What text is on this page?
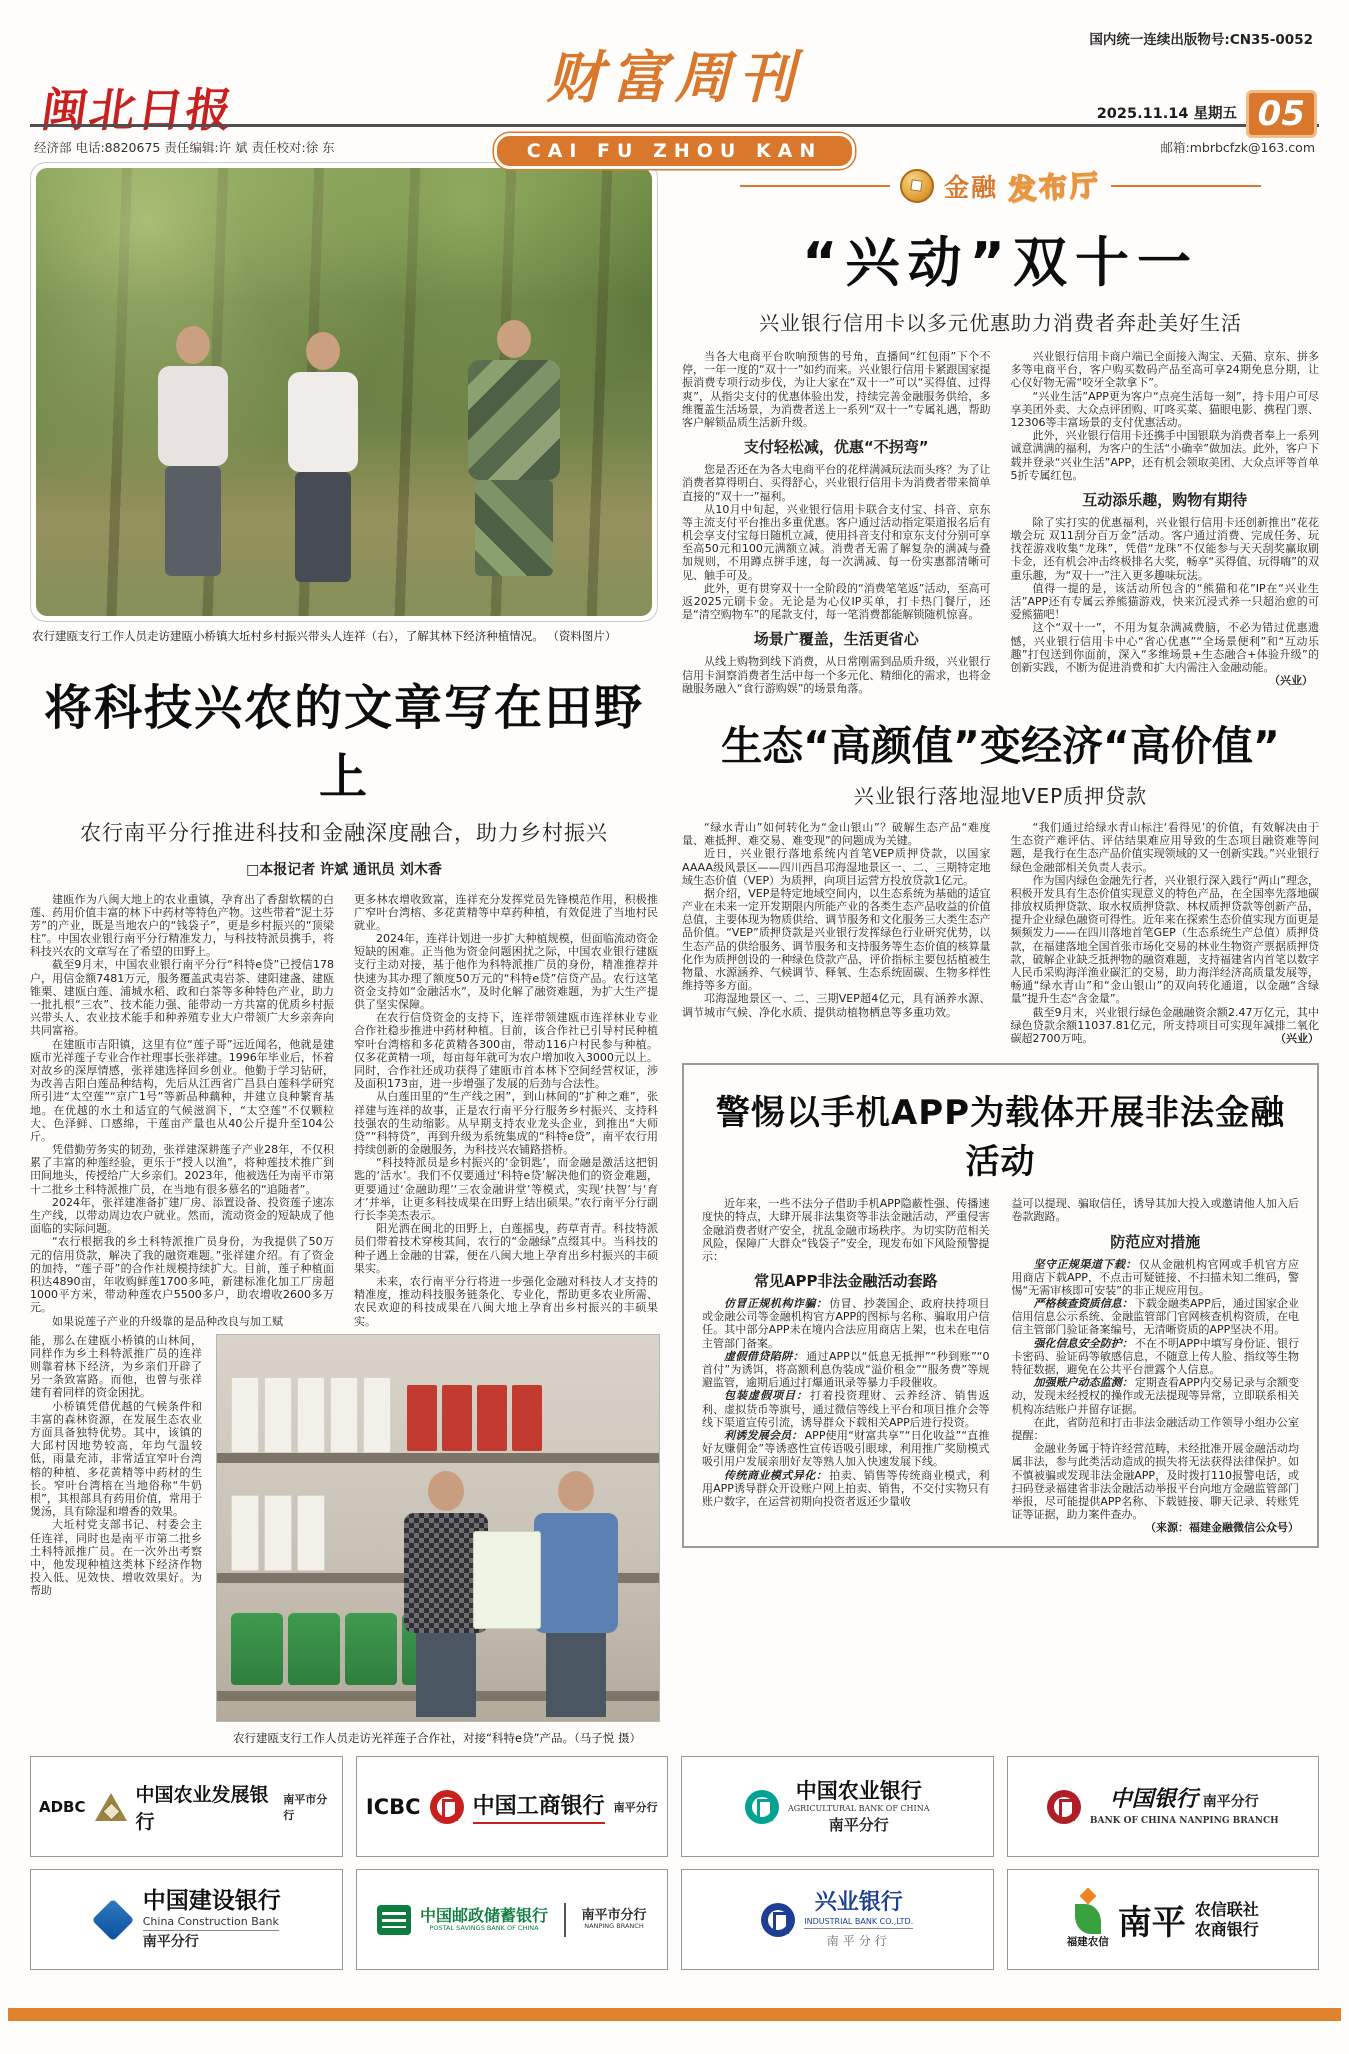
国内统一连续出版物号:CN35-0052
闽北日报	财富周刊

CAI FU ZHOU KAN
2025.11.14 星期五 05
经济部 电话:8820675 责任编辑:许 斌 责任校对:徐 东	邮箱:mbrbcfzk@163.com
农行建瓯支行工作人员走访建瓯小桥镇大坵村乡村振兴带头人连祥（右），了解其林下经济种植情况。 （资料图片）
将科技兴农的文章写在田野上
农行南平分行推进科技和金融深度融合，助力乡村振兴
□本报记者 许斌 通讯员 刘木香
建瓯作为八闽大地上的农业重镇，孕育出了香甜软糯的白莲、药用价值丰富的林下中药材等特色产物。这些带着“泥土芬芳”的产业，既是当地农户的“钱袋子”，更是乡村振兴的“顶梁柱”。中国农业银行南平分行精准发力，与科技特派员携手，将科技兴农的文章写在了希望的田野上。
截至9月末，中国农业银行南平分行“科特e贷”已授信178户，用信金额7481万元，服务覆盖武夷岩茶、建阳建盏、建瓯锥栗、建瓯白莲、浦城水稻、政和白茶等多种特色产业，助力一批扎根“三农”、技术能力强、能带动一方共富的优质乡村振兴带头人、农业技术能手和种养殖专业大户带领广大乡亲奔向共同富裕。
在建瓯市吉阳镇，这里有位“莲子哥”远近闻名，他就是建瓯市光祥莲子专业合作社理事长张祥建。1996年毕业后，怀着对故乡的深厚情感，张祥建选择回乡创业。他勤于学习钻研，为改善吉阳白莲品种结构，先后从江西省广昌县白莲科学研究所引进“太空莲”“京广1号”等新品种藕种，并建立良种繁育基地。在优越的水土和适宜的气候滋润下，“太空莲”不仅颗粒大、色泽鲜、口感绵，干莲亩产量也从40公斤提升至104公斤。
凭借勤劳务实的韧劲，张祥建深耕莲子产业28年，不仅积累了丰富的种莲经验，更乐于“授人以渔”，将种莲技术推广到田间地头，传授给广大乡亲们。2023年，他被选任为南平市第十二批乡土科特派推广员，在当地有很多慕名的“追随者”。
2024年，张祥建准备扩建厂房、添置设备、投资莲子速冻生产线，以带动周边农户就业。然而，流动资金的短缺成了他面临的实际问题。
“农行根据我的乡土科特派推广员身份，为我提供了50万元的信用贷款，解决了我的融资难题。”张祥建介绍。有了资金的加持，“莲子哥”的合作社规模持续扩大。目前，莲子种植面积达4890亩，年收购鲜莲1700多吨，新建标准化加工厂房超1000平方米，带动种莲农户5500多户，助农增收2600多万元。
如果说莲子产业的升级靠的是品种改良与加工赋
更多林农增收致富，连祥充分发挥党员先锋模范作用，积极推广窄叶台湾榕、多花黄精等中草药种植，有效促进了当地村民就业。
2024年，连祥计划进一步扩大种植规模，但面临流动资金短缺的困难。正当他为资金问题困扰之际，中国农业银行建瓯支行主动对接，基于他作为科特派推广员的身份，精准推荐并快速为其办理了额度50万元的“科特e贷”信贷产品。农行这笔资金支持如“金融活水”，及时化解了融资难题，为扩大生产提供了坚实保障。
在农行信贷资金的支持下，连祥带领建瓯市连祥林业专业合作社稳步推进中药材种植。目前，该合作社已引导村民种植窄叶台湾榕和多花黄精各300亩，带动116户村民参与种植。仅多花黄精一项，每亩每年就可为农户增加收入3000元以上。同时，合作社还成功获得了建瓯市首本林下空间经营权证，涉及面积173亩，进一步增强了发展的后劲与合法性。
从白莲田里的“生产线之困”，到山林间的“扩种之难”，张祥建与连祥的故事，正是农行南平分行服务乡村振兴、支持科技强农的生动缩影。从早期支持农业龙头企业，到推出“大师贷”“科特贷”，再到升级为系统集成的“科特e贷”，南平农行用持续创新的金融服务，为科技兴农铺路搭桥。
“科技特派员是乡村振兴的‘金钥匙’，而金融是激活这把钥匙的‘活水’。我们不仅要通过‘科特e贷’解决他们的资金难题，更要通过‘金融助理’‘三农金融讲堂’等模式，实现‘扶智’与‘育才’并举，让更多科技成果在田野上结出硕果。”农行南平分行副行长李美杰表示。
阳光洒在闽北的田野上，白莲摇曳，药草青青。科技特派员们带着技术穿梭其间，农行的“金融绿”点缀其中。当科技的种子遇上金融的甘霖，便在八闽大地上孕育出乡村振兴的丰硕果实。
未来，农行南平分行将进一步强化金融对科技人才支持的精准度，推动科技服务链条化、专业化，帮助更多农业所需、农民欢迎的科技成果在八闽大地上孕育出乡村振兴的丰硕果实。
能，那么在建瓯小桥镇的山林间，同样作为乡土科特派推广员的连祥则靠着林下经济，为乡亲们开辟了另一条致富路。而他，也曾与张祥建有着同样的资金困扰。
小桥镇凭借优越的气候条件和丰富的森林资源，在发展生态农业方面具备独特优势。其中，该镇的大邱村因地势较高，年均气温较低，雨量充沛，非常适宜窄叶台湾榕的种植、多花黄精等中药材的生长。窄叶台湾榕在当地俗称“牛奶根”，其根部具有药用价值，常用于煲汤，具有除湿和增香的效果。
大坵村党支部书记、村委会主任连祥，同时也是南平市第二批乡土科特派推广员。在一次外出考察中，他发现种植这类林下经济作物投入低、见效快、增收效果好。为帮助
农行建瓯支行工作人员走访光祥莲子合作社，对接“科特e贷”产品。（马子悦 摄）
金融 发布厅
“兴动”双十一
兴业银行信用卡以多元优惠助力消费者奔赴美好生活
当各大电商平台吹响预售的号角，直播间“红包雨”下个不停，一年一度的“双十一”如约而来。兴业银行信用卡紧跟国家提振消费专项行动步伐，为让大家在“双十一”可以“买得值、过得爽”，从指尖支付的优惠体验出发，持续完善金融服务供给，多维覆盖生活场景，为消费者送上一系列“双十一”专属礼遇，帮助客户解锁品质生活新升级。
支付轻松减，优惠“不拐弯”
您是否还在为各大电商平台的花样满减玩法而头疼？为了让消费者算得明白、买得舒心，兴业银行信用卡为消费者带来简单直接的“双十一”福利。
从10月中旬起，兴业银行信用卡联合支付宝、抖音、京东等主流支付平台推出多重优惠。客户通过活动指定渠道报名后有机会享支付宝每日随机立减，使用抖音支付和京东支付分别可享至高50元和100元满额立减。消费者无需了解复杂的满减与叠加规则，不用蹲点拼手速，每一次满减、每一份实惠都清晰可见、触手可及。
此外，更有贯穿双十一全阶段的“消费笔笔返”活动，至高可返2025元刷卡金。无论是为心仪IP买单，打卡热门餐厅，还是“清空购物车”的尾款支付，每一笔消费都能解锁随机惊喜。
场景广覆盖，生活更省心
从线上购物到线下消费，从日常刚需到品质升级，兴业银行信用卡洞察消费者生活中每一个多元化、精细化的需求，也将金融服务融入“食行游购娱”的场景角落。
兴业银行信用卡商户端已全面接入淘宝、天猫、京东、拼多多等电商平台，客户购买数码产品至高可享24期免息分期，让心仪好物无需“咬牙全款拿下”。
“兴业生活”APP更为客户“点亮生活每一刻”，持卡用户可尽享美团外卖、大众点评团购、叮咚买菜、猫眼电影、携程门票、12306等丰富场景的支付优惠活动。
此外，兴业银行信用卡还携手中国银联为消费者奉上一系列诚意满满的福利，为客户的生活“小确幸”做加法。此外，客户下载并登录“兴业生活”APP，还有机会领取美团、大众点评等首单5折专属红包。
互动添乐趣，购物有期待
除了实打实的优惠福利，兴业银行信用卡还创新推出“花花墩会玩 双11刮分百万金”活动。客户通过消费、完成任务、玩找茬游戏收集“龙珠”，凭借“龙珠”不仅能参与天天刮奖赢取刷卡金，还有机会冲击终极排名大奖，畅享“买得值、玩得嗨”的双重乐趣，为“双十一”注入更多趣味玩法。
值得一提的是，该活动所包含的“熊猫和花”IP在“兴业生活”APP还有专属云养熊猫游戏，快来沉浸式养一只超治愈的可爱熊猫吧！
这个“双十一”，不用为复杂满减费脑，不必为错过优惠遗憾，兴业银行信用卡中心“省心优惠”“全场景便利”和“互动乐趣”打包送到你面前，深入“多维场景+生态融合+体验升级”的创新实践，不断为促进消费和扩大内需注入金融动能。
（兴业）
生态“高颜值”变经济“高价值”
兴业银行落地湿地VEP质押贷款
“绿水青山”如何转化为“金山银山”？破解生态产品“难度量、难抵押、难交易、难变现”的问题成为关键。
近日，兴业银行落地系统内首笔VEP质押贷款，以国家AAAA级风景区——四川西昌邛海湿地景区一、二、三期特定地域生态价值（VEP）为质押，向项目运营方投放贷款1亿元。
据介绍，VEP是特定地域空间内，以生态系统为基础的适宜产业在未来一定开发期限内所能产业的各类生态产品收益的价值总值，主要体现为物质供给、调节服务和文化服务三大类生态产品价值。“VEP”质押贷款是兴业银行发挥绿色行业研究优势，以生态产品的供给服务、调节服务和支持服务等生态价值的核算量化作为质押创设的一种绿色贷款产品，评价指标主要包括植被生物量、水源涵养、气候调节、释氧、生态系统固碳、生物多样性维持等多方面。
邛海湿地景区一、二、三期VEP超4亿元，具有涵养水源、调节城市气候、净化水质、提供动植物栖息等多重功效。
“我们通过给绿水青山标注‘看得见’的价值，有效解决由于生态资产难评估、评估结果难应用导致的生态项目融资难等问题，是我行在生态产品价值实现领域的又一创新实践。”兴业银行绿色金融部相关负责人表示。
作为国内绿色金融先行者，兴业银行深入践行“两山”理念，积极开发具有生态价值实现意义的特色产品，在全国率先落地碳排放权质押贷款、取水权质押贷款、林权质押贷款等创新产品，提升企业绿色融资可得性。近年来在探索生态价值实现方面更是频频发力——在四川落地首笔GEP（生态系统生产总值）质押贷款，在福建落地全国首张市场化交易的林业生物资产票据质押贷款，破解企业缺乏抵押物的融资难题，支持福建省内首笔以数字人民币采购海洋渔业碳汇的交易，助力海洋经济高质量发展等，畅通“绿水青山”和“金山银山”的双向转化通道，以金融“含绿量”提升生态“含金量”。
截至9月末，兴业银行绿色金融融资余额2.47万亿元，其中绿色贷款余额11037.81亿元，所支持项目可实现年减排二氧化碳超2700万吨。	（兴业）
警惕以手机APP为载体开展非法金融活动
近年来，一些不法分子借助手机APP隐蔽性强、传播速度快的特点，大肆开展非法集资等非法金融活动，严重侵害金融消费者财产安全，扰乱金融市场秩序。为切实防范相关风险，保障广大群众“钱袋子”安全，现发布如下风险预警提示：
常见APP非法金融活动套路
仿冒正规机构诈骗： 仿冒、抄袭国企、政府扶持项目或金融公司等金融机构官方APP的图标与名称、骗取用户信任。其中部分APP未在境内合法应用商店上架，也未在电信主管部门备案。
虚假借贷陷阱： 通过APP以“低息无抵押”“秒到账”“0首付”为诱饵，将高额利息伪装成“溢价租金”“服务费”等规避监管，逾期后通过打爆通讯录等暴力手段催收。
包装虚假项目： 打着投资理财、云养经济、销售返利、虚拟货币等旗号，通过微信等线上平台和项目推介会等线下渠道宣传引流，诱导群众下载相关APP后进行投资。
利诱发展会员： APP使用“财富共享”“日化收益”“直推好友赚佣金”等诱惑性宣传语吸引眼球，利用推广奖励模式吸引用户发展亲朋好友等熟人加入快速发展下线。
传统商业模式异化： 拍卖、销售等传统商业模式，利用APP诱导群众开设账户网上拍卖、销售，不交付实物只有账户数字，在运营初期向投资者返还少量收
益可以提现、骗取信任，诱导其加大投入或邀请他人加入后卷款跑路。
防范应对措施
坚守正规渠道下载： 仅从金融机构官网或手机官方应用商店下载APP，不点击可疑链接、不扫描未知二维码，警惕“无需审核即可安装”的非正规应用包。
严格核查资质信息： 下载金融类APP后，通过国家企业信用信息公示系统、金融监管部门官网核查机构资质，在电信主管部门验证备案编号，无清晰资质的APP坚决不用。
强化信息安全防护： 不在不明APP中填写身份证、银行卡密码、验证码等敏感信息，不随意上传人脸、指纹等生物特征数据，避免在公共平台泄露个人信息。
加强账户动态监测： 定期查看APP内交易记录与余额变动，发现未经授权的操作或无法提现等异常，立即联系相关机构冻结账户并留存证据。
在此，省防范和打击非法金融活动工作领导小组办公室提醒：
金融业务属于特许经营范畴，未经批准开展金融活动均属非法，参与此类活动造成的损失将无法获得法律保护。如不慎被骗或发现非法金融APP，及时拨打110报警电话，或扫码登录福建省非法金融活动举报平台向地方金融监管部门举报，尽可能提供APP名称、下载链接、聊天记录、转账凭证等证据，助力案件查办。
（来源：福建金融微信公众号）
ADBC
中国农业发展银行
南平市分行	ICBC 中国工商银行 南平分行
中国农业银行
AGRICULTURAL BANK OF CHINA
南平分行
中国银行 南平分行
BANK OF CHINA NANPING BRANCH
中国建设银行
China Construction Bank
南平分行
中国邮政储蓄银行
POSTAL SAVINGS BANK OF CHINA
南平市分行
NANPING BRANCH
兴业银行
INDUSTRIAL BANK CO.,LTD.
南平分行	福建农信 南平 农信联社
农商银行
